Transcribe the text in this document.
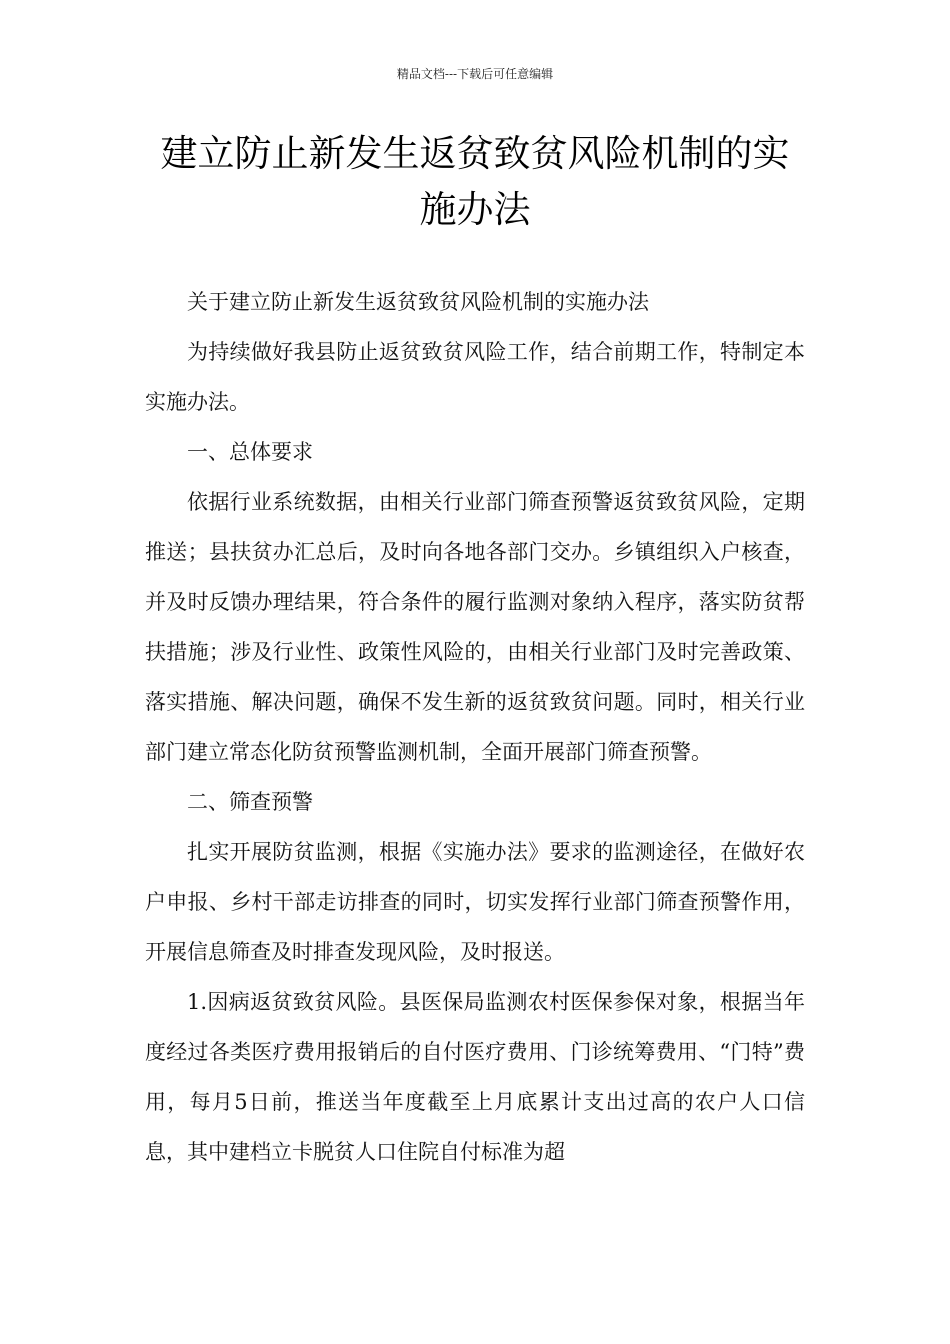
精品文档---下载后可任意编辑
建立防止新发生返贫致贫风险机制的实
施办法

关于建立防止新发生返贫致贫风险机制的实施办法

为持续做好我县防止返贫致贫风险工作，结合前期工作，特制定本实施办法。

一、总体要求

依据行业系统数据，由相关行业部门筛查预警返贫致贫风险，定期推送；县扶贫办汇总后，及时向各地各部门交办。乡镇组织入户核查，并及时反馈办理结果，符合条件的履行监测对象纳入程序，落实防贫帮扶措施；涉及行业性、政策性风险的，由相关行业部门及时完善政策、落实措施、解决问题，确保不发生新的返贫致贫问题。同时，相关行业部门建立常态化防贫预警监测机制，全面开展部门筛查预警。

二、筛查预警

扎实开展防贫监测，根据《实施办法》要求的监测途径，在做好农户申报、乡村干部走访排查的同时，切实发挥行业部门筛查预警作用，开展信息筛查及时排查发现风险，及时报送。

1.因病返贫致贫风险。县医保局监测农村医保参保对象，根据当年度经过各类医疗费用报销后的自付医疗费用、门诊统筹费用、“门特”费用，每月5日前，推送当年度截至上月底累计支出过高的农户人口信息，其中建档立卡脱贫人口住院自付标准为超
